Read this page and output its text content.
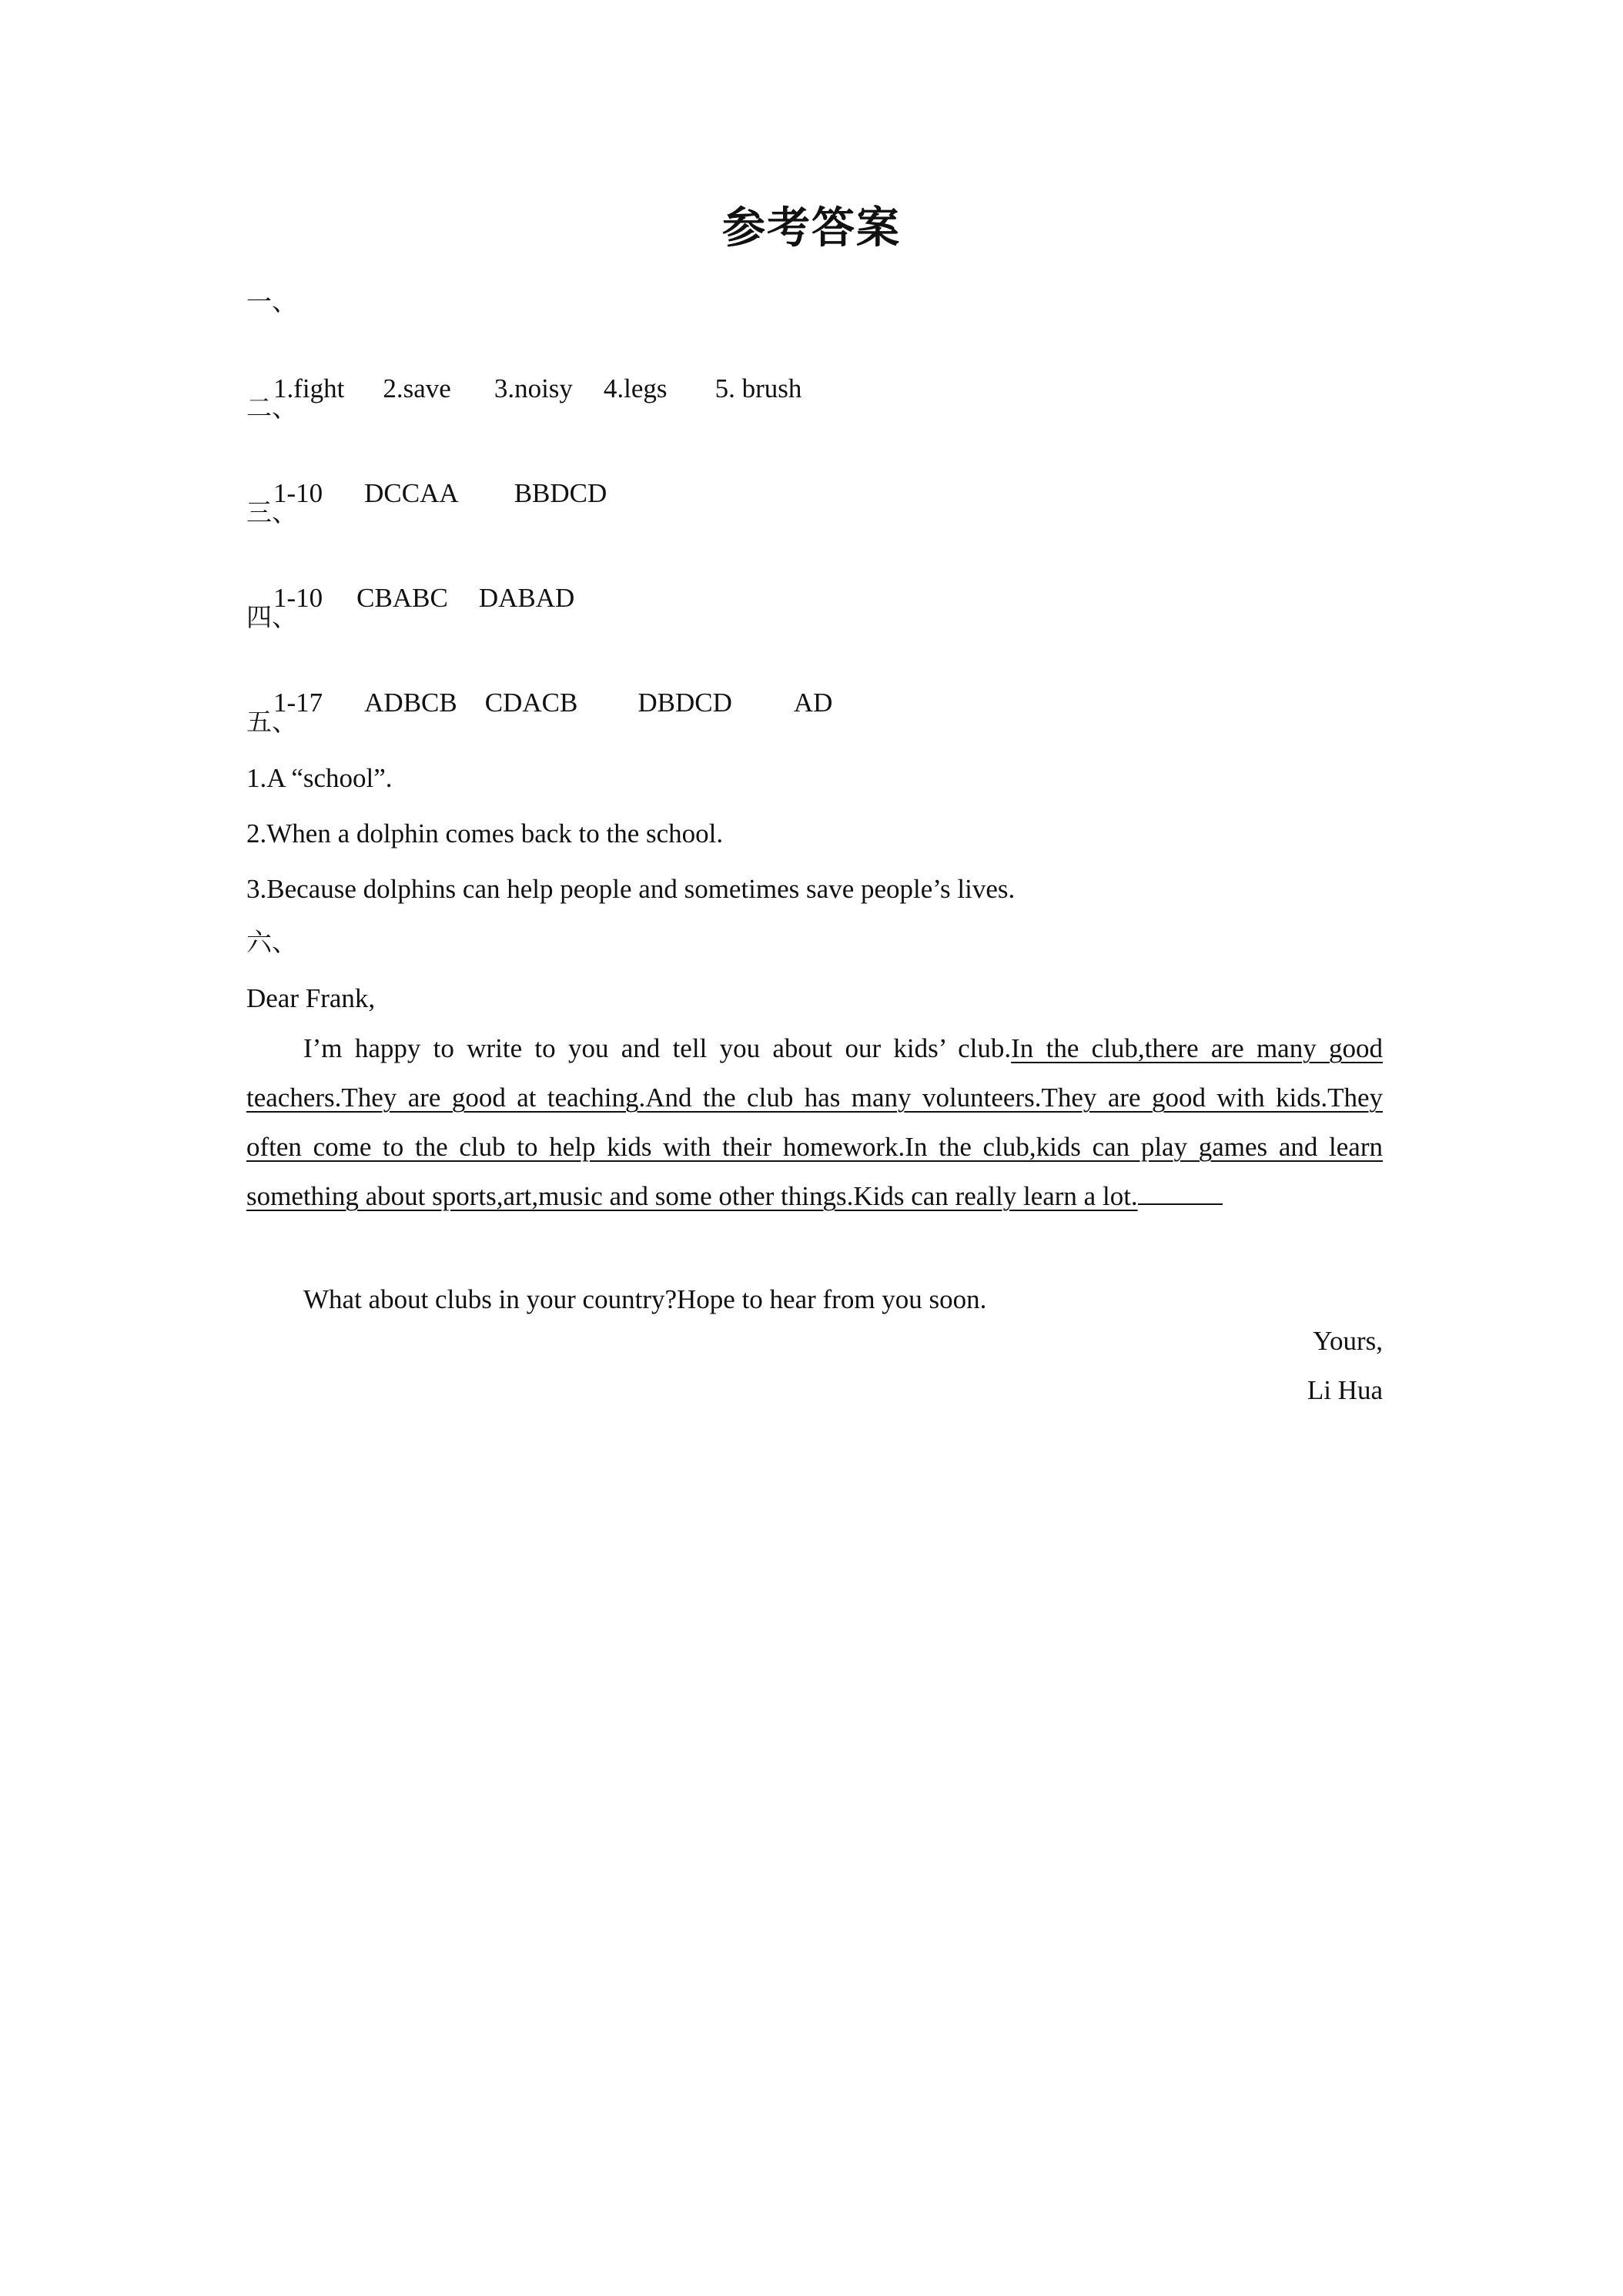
参考答案
一、

1.fight 2.save 3.noisy 4.legs 5. brush

二、

1-10 DCCAA BBDCD

三、

1-10 CBABC DABAD

四、

1-17 ADBCB CDACB DBDCD AD

五、
1.A “school”.
2.When a dolphin comes back to the school.
3.Because dolphins can help people and sometimes save people’s lives.
六、
Dear Frank,
I’m happy to write to you and tell you about our kids’ club.In the club,there are many good teachers.They are good at teaching.And the club has many volunteers.They are good with kids.They often come to the club to help kids with their homework.In the club,kids can play games and learn something about sports,art,music and some other things.Kids can really learn a lot.
What about clubs in your country?Hope to hear from you soon.
Yours,
Li Hua
